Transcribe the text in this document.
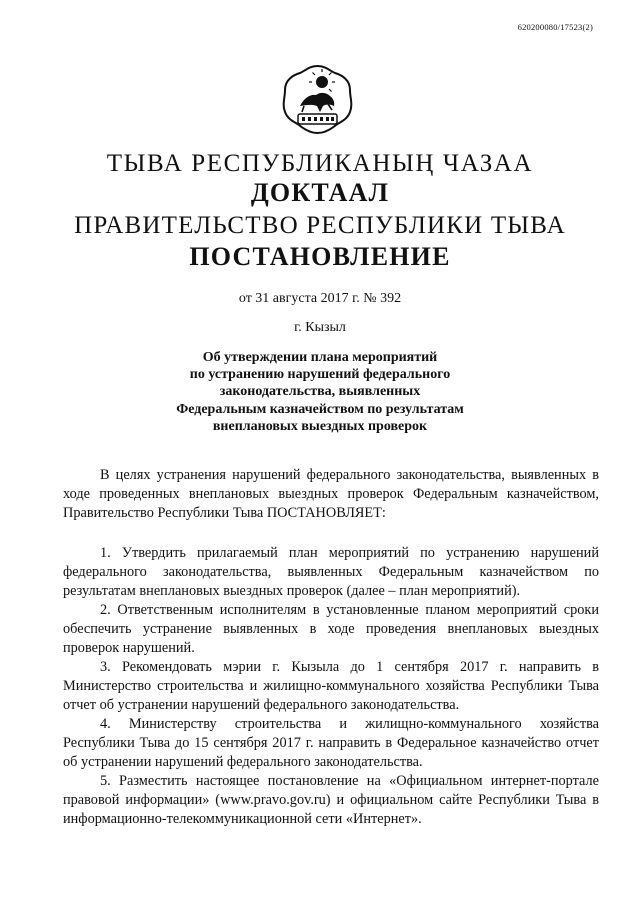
620200080/17523(2)
ТЫВА РЕСПУБЛИКАНЫҢ ЧАЗАА
ДОКТААЛ
ПРАВИТЕЛЬСТВО РЕСПУБЛИКИ ТЫВА
ПОСТАНОВЛЕНИЕ
от 31 августа 2017 г. № 392
г. Кызыл
Об утверждении плана мероприятий
по устранению нарушений федерального
законодательства, выявленных
Федеральным казначейством по результатам
внеплановых выездных проверок

В целях устранения нарушений федерального законодательства, выявленных в ходе проведенных внеплановых выездных проверок Федеральным казначейством, Правительство Республики Тыва ПОСТАНОВЛЯЕТ:

1. Утвердить прилагаемый план мероприятий по устранению нарушений федерального законодательства, выявленных Федеральным казначейством по результатам внеплановых выездных проверок (далее – план мероприятий).

2. Ответственным исполнителям в установленные планом мероприятий сроки обеспечить устранение выявленных в ходе проведения внеплановых выездных проверок нарушений.

3. Рекомендовать мэрии г. Кызыла до 1 сентября 2017 г. направить в Министерство строительства и жилищно-коммунального хозяйства Республики Тыва отчет об устранении нарушений федерального законодательства.

4. Министерству строительства и жилищно-коммунального хозяйства Республики Тыва до 15 сентября 2017 г. направить в Федеральное казначейство отчет об устранении нарушений федерального законодательства.

5. Разместить настоящее постановление на «Официальном интернет-портале правовой информации» (www.pravo.gov.ru) и официальном сайте Республики Тыва в информационно-телекоммуникационной сети «Интернет».
